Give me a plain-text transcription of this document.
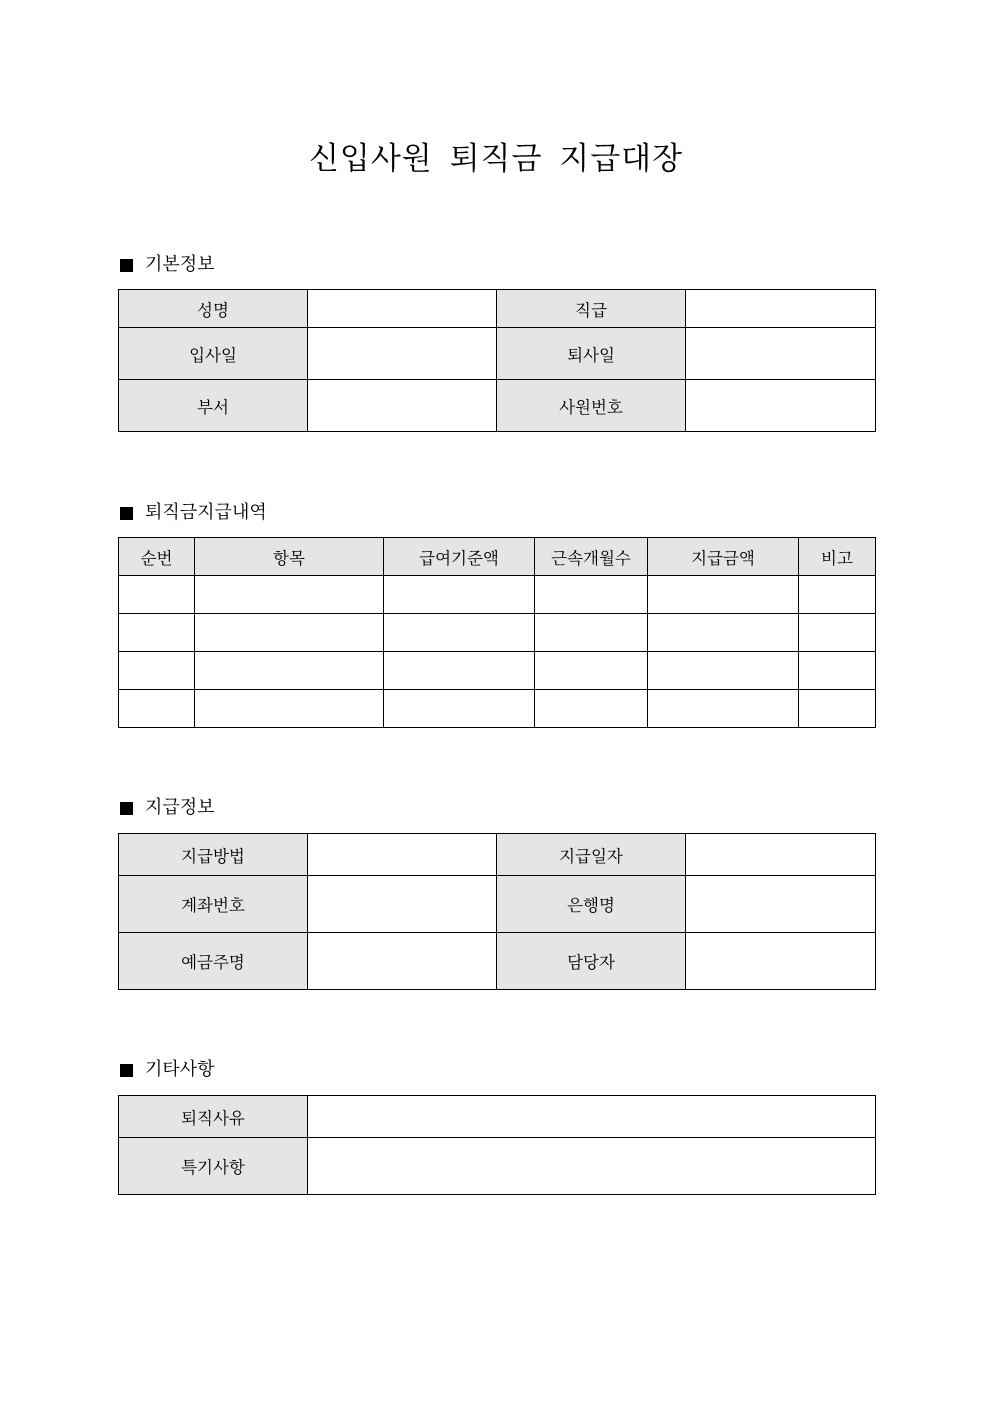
신입사원 퇴직금 지급대장
기본정보
성명		직급	
입사일		퇴사일	
부서		사원번호	
퇴직금지급내역
순번	항목	급여기준액	근속개월수	지급금액	비고

지급정보
지급방법		지급일자	
계좌번호		은행명	
예금주명		담당자	
기타사항
퇴직사유	
특기사항	
